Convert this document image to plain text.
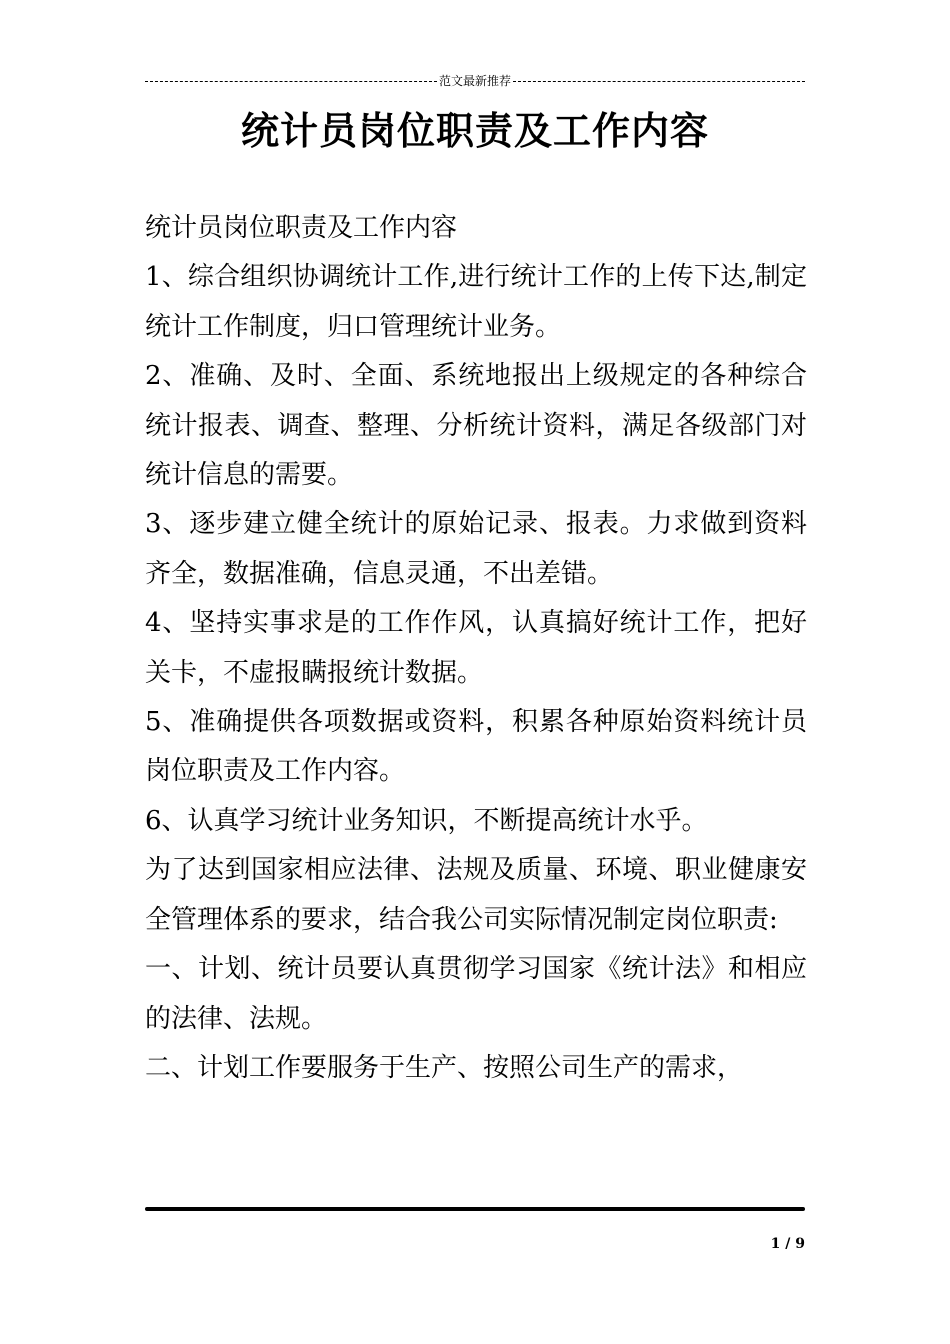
范文最新推荐
统计员岗位职责及工作内容

统计员岗位职责及工作内容

1、综合组织协调统计工作,进行统计工作的上传下达,制定统计工作制度，归口管理统计业务。

2、准确、及时、全面、系统地报出上级规定的各种综合统计报表、调查、整理、分析统计资料，满足各级部门对统计信息的需要。

3、逐步建立健全统计的原始记录、报表。力求做到资料齐全，数据准确，信息灵通，不出差错。

4、坚持实事求是的工作作风，认真搞好统计工作，把好关卡，不虚报瞒报统计数据。

5、准确提供各项数据或资料，积累各种原始资料统计员岗位职责及工作内容。

6、认真学习统计业务知识，不断提高统计水乎。

为了达到国家相应法律、法规及质量、环境、职业健康安全管理体系的要求，结合我公司实际情况制定岗位职责:

一、计划、统计员要认真贯彻学习国家《统计法》和相应的法律、法规。

二、计划工作要服务于生产、按照公司生产的需求，

1 / 9
